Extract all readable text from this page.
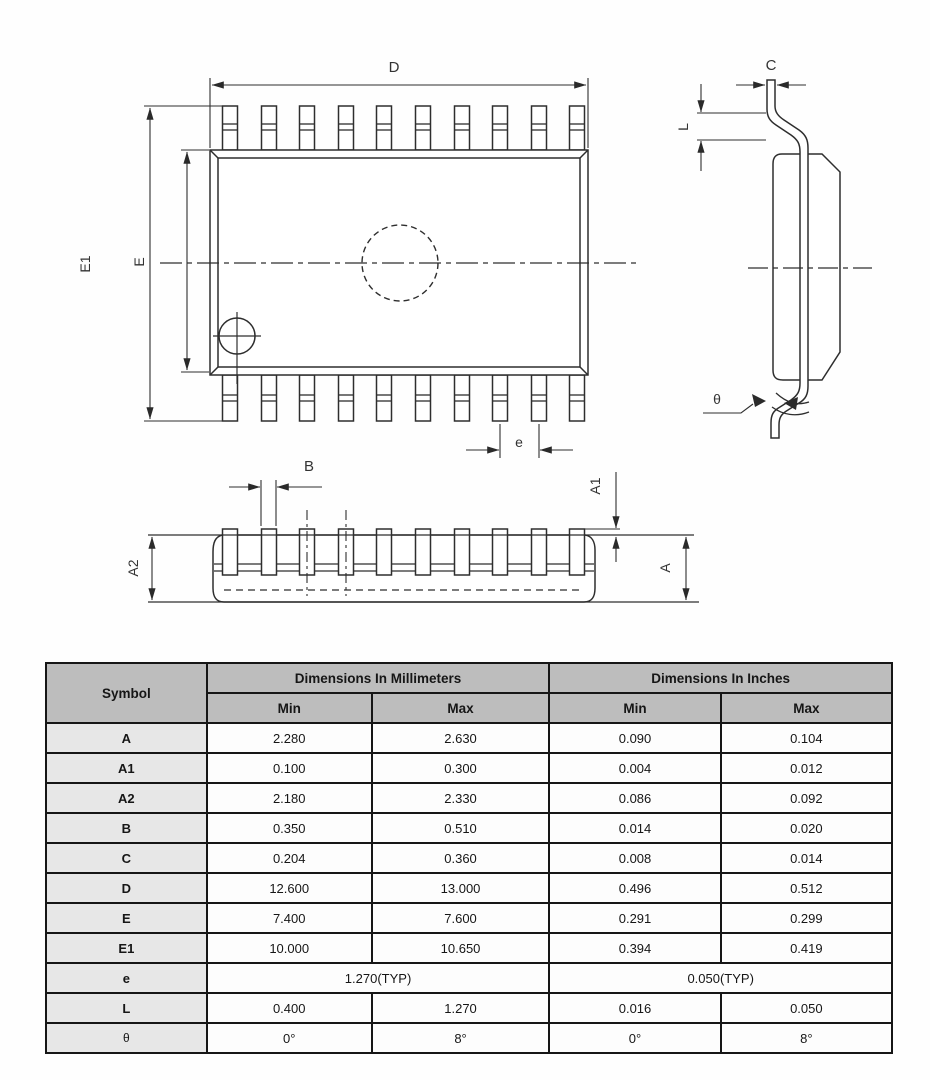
D
E1	E
e
C
L
θ
B
A1
A2	A
Symbol	Dimensions In Millimeters		Dimensions In Inches	
	Min	Max	Min	Max
A	2.280	2.630	0.090	0.104
A1	0.100	0.300	0.004	0.012
A2	2.180	2.330	0.086	0.092
B	0.350	0.510	0.014	0.020
C	0.204	0.360	0.008	0.014
D	12.600	13.000	0.496	0.512
E	7.400	7.600	0.291	0.299
E1	10.000	10.650	0.394	0.419
e	1.270(TYP)		0.050(TYP)	
L	0.400	1.270	0.016	0.050
θ	0°	8°	0°	8°
